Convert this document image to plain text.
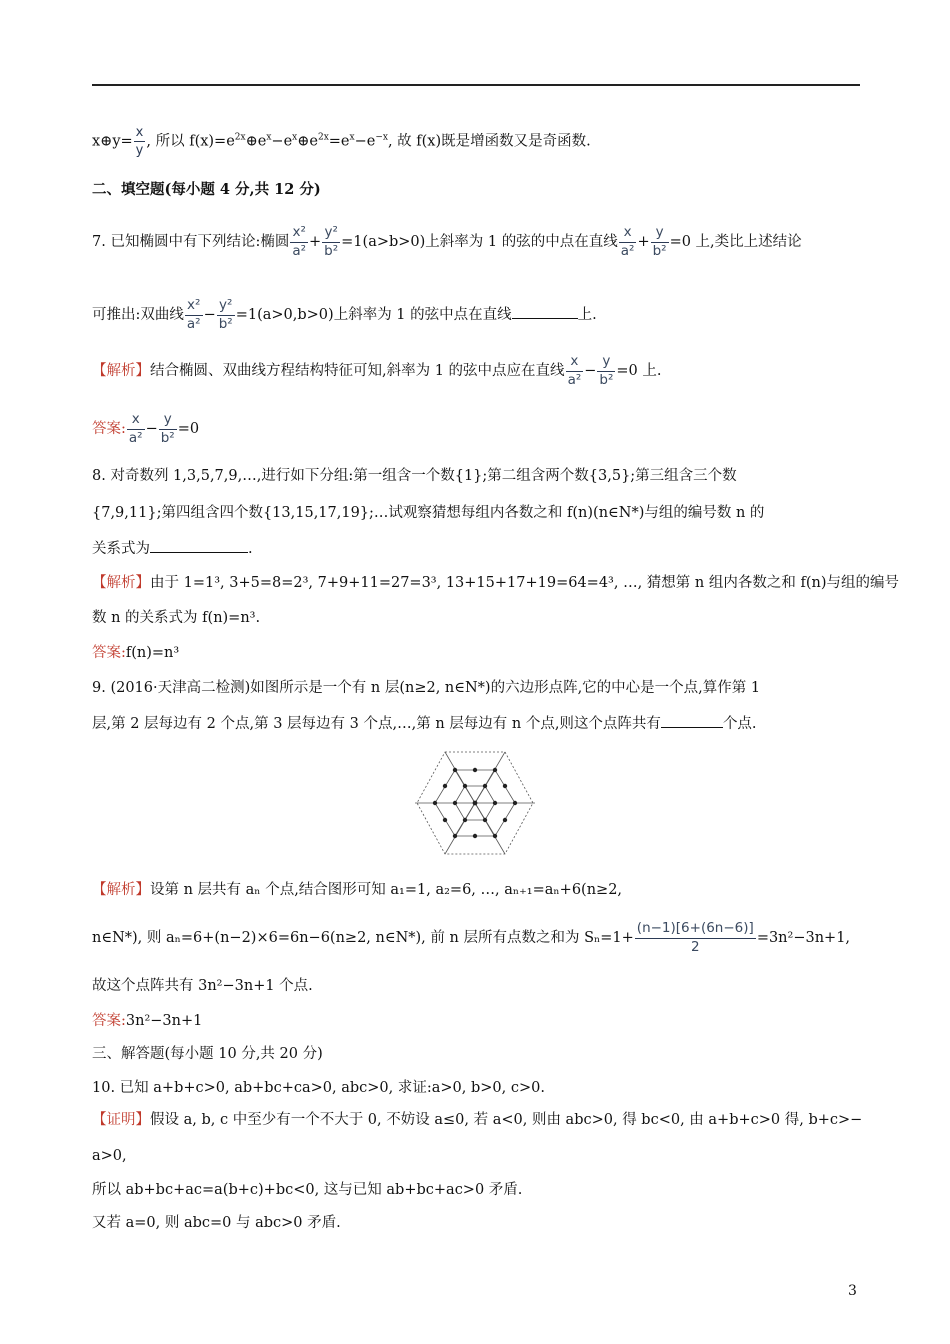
x⊕y= $\frac{x}{y}$ , 所以 $f(x)=e^{2x}\oplus e^x-e^x\oplus e^{2x}=e^x-e^{-x}$, 故 f(x)既是增函数又是奇函数.
二、填空题(每小题 4 分,共 12 分)
7. 已知椭圆中有下列结论:椭圆 $\frac{\text{x²}}{\text{a²}} + \frac{\text{y²}}{\text{b²}} =1(a>b>0)$上斜率为 1 的弦的中点在直线 $\frac{x}{\text{a²}} + \frac{y}{\text{b²}} =0$ 上,类比上述结论
可推出:双曲线 $\frac{\text{x²}}{\text{a²}} - \frac{\text{y²}}{\text{b²}} =1(a>0,b>0)$上斜率为 1 的弦中点在直线	上.
【解析】结合椭圆、双曲线方程结构特征可知,斜率为 1 的弦中点应在直线 $\frac{x}{\text{a²}} - \frac{y}{\text{b²}} =0$ 上.
答案: $\frac{x}{\text{a²}} - \frac{y}{\text{b²}} =0$
8. 对奇数列 1,3,5,7,9,…,进行如下分组:第一组含一个数{1};第二组含两个数{3,5};第三组含三个数
{7,9,11};第四组含四个数{13,15,17,19};…试观察猜想每组内各数之和 f(n)(n∈N*)与组的编号数 n 的
关系式为	.
【解析】由于 1=1³, 3+5=8=2³, 7+9+11=27=3³, 13+15+17+19=64=4³, …, 猜想第 n 组内各数之和 f(n)与组的编号
数 n 的关系式为 f(n)=n³.
答案:f(n)=n³
9. (2016·天津高二检测)如图所示是一个有 n 层(n≥2, n∈N*)的六边形点阵,它的中心是一个点,算作第 1
层,第 2 层每边有 2 个点,第 3 层每边有 3 个点,…,第 n 层每边有 n 个点,则这个点阵共有	个点.
【解析】设第 n 层共有 aₙ 个点,结合图形可知 a₁=1, a₂=6, …, aₙ₊₁=aₙ+6(n≥2,
n∈N*), 则 aₙ=6+(n−2)×6=6n−6(n≥2, n∈N*), 前 n 层所有点数之和为 $S_n=1+ \frac{(n-1)[6+(6n-6)]}{2} =3n^2-3n+1$,
故这个点阵共有 3n²−3n+1 个点.
答案:3n²−3n+1
三、解答题(每小题 10 分,共 20 分)
10. 已知 a+b+c>0, ab+bc+ca>0, abc>0, 求证:a>0, b>0, c>0.
【证明】假设 a, b, c 中至少有一个不大于 0, 不妨设 a≤0, 若 a<0, 则由 abc>0, 得 bc<0, 由 a+b+c>0 得, b+c>−
a>0,
所以 ab+bc+ac=a(b+c)+bc<0, 这与已知 ab+bc+ac>0 矛盾.
又若 a=0, 则 abc=0 与 abc>0 矛盾.
3
